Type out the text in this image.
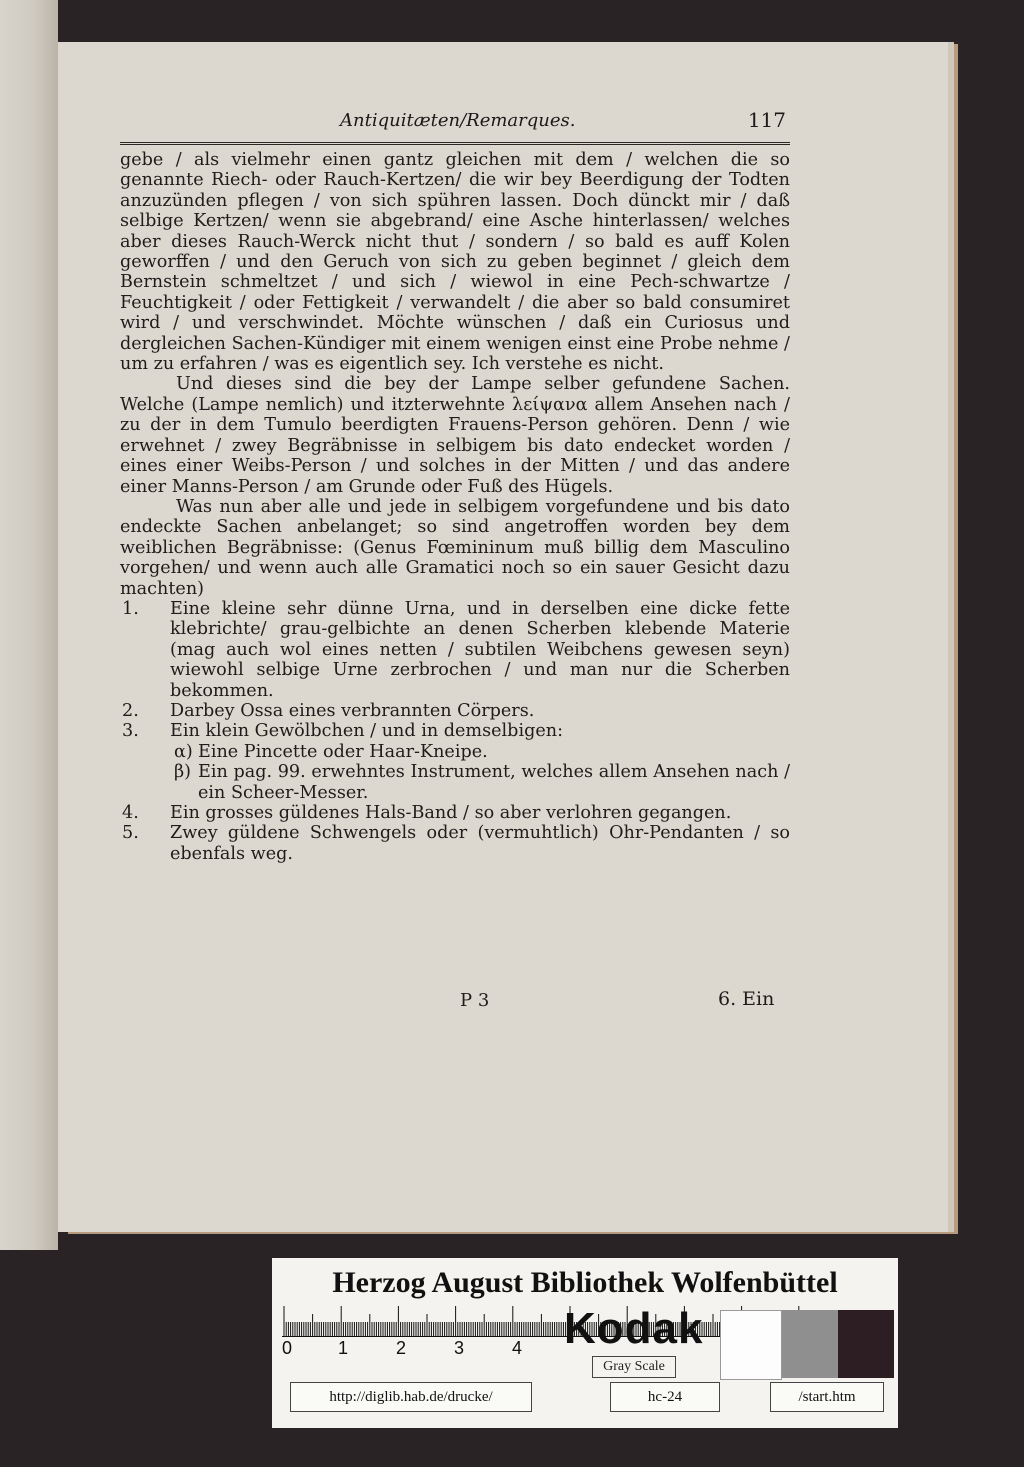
Antiquitæten/Remarques.	117

gebe / als vielmehr einen gantz gleichen mit dem / welchen die so genannte Riech- oder Rauch-Kertzen/ die wir bey Beerdigung der Todten anzuzünden pflegen / von sich spühren lassen. Doch dünckt mir / daß selbige Kertzen/ wenn sie abgebrand/ eine Asche hinterlassen/ welches aber dieses Rauch-Werck nicht thut / sondern / so bald es auff Kolen geworffen / und den Geruch von sich zu geben beginnet / gleich dem Bernstein schmeltzet / und sich / wiewol in eine Pech-schwartze / Feuchtigkeit / oder Fettigkeit / verwandelt / die aber so bald consumiret wird / und verschwindet. Möchte wünschen / daß ein Curiosus und dergleichen Sachen-Kündiger mit einem wenigen einst eine Probe nehme / um zu erfahren / was es eigentlich sey. Ich verstehe es nicht.

Und dieses sind die bey der Lampe selber gefundene Sachen. Welche (Lampe nemlich) und itzterwehnte λείψανα allem Ansehen nach / zu der in dem Tumulo beerdigten Frauens-Person gehören. Denn / wie erwehnet / zwey Begräbnisse in selbigem bis dato endecket worden / eines einer Weibs-Person / und solches in der Mitten / und das andere einer Manns-Person / am Grunde oder Fuß des Hügels.

Was nun aber alle und jede in selbigem vorgefundene und bis dato endeckte Sachen anbelanget; so sind angetroffen worden bey dem weiblichen Begräbnisse: (Genus Fœmininum muß billig dem Masculino vorgehen/ und wenn auch alle Gramatici noch so ein sauer Gesicht dazu machten)

1. Eine kleine sehr dünne Urna, und in derselben eine dicke fette klebrichte/ grau-gelbichte an denen Scherben klebende Materie (mag auch wol eines netten / subtilen Weibchens gewesen seyn) wiewohl selbige Urne zerbrochen / und man nur die Scherben bekommen.
2. Darbey Ossa eines verbrannten Cörpers.
3. Ein klein Gewölbchen / und in demselbigen:
α) Eine Pincette oder Haar-Kneipe.
β) Ein pag. 99. erwehntes Instrument, welches allem Ansehen nach / ein Scheer-Messer.
4. Ein grosses güldenes Hals-Band / so aber verlohren gegangen.
5. Zwey güldene Schwengels oder (vermuhtlich) Ohr-Pendanten / so ebenfals weg.
P 3	6. Ein
Herzog August Bibliothek Wolfenbüttel
0	1	2	3	4 Kodak
Gray Scale
http://diglib.hab.de/drucke/	hc-24	/start.htm
